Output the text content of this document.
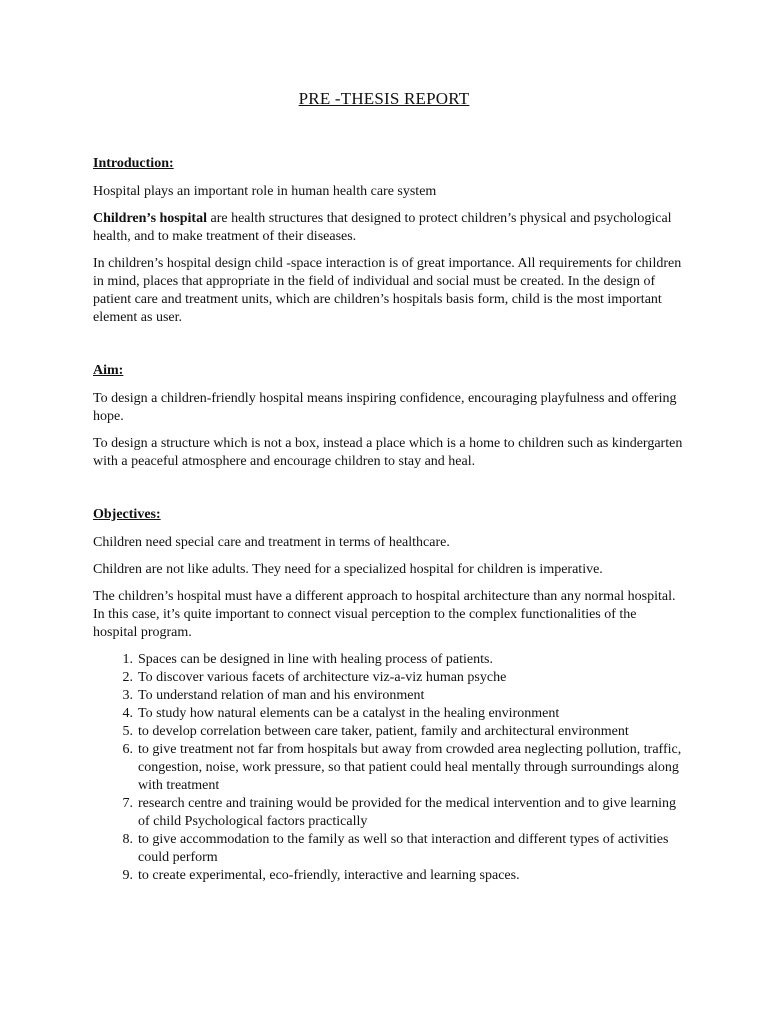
PRE -THESIS REPORT
Introduction:

Hospital plays an important role in human health care system

Children’s hospital are health structures that designed to protect children’s physical and psychological health, and to make treatment of their diseases.

In children’s hospital design child -space interaction is of great importance. All requirements for children in mind, places that appropriate in the field of individual and social must be created. In the design of patient care and treatment units, which are children’s hospitals basis form, child is the most important element as user.

Aim:

To design a children-friendly hospital means inspiring confidence, encouraging playfulness and offering hope.

To design a structure which is not a box, instead a place which is a home to children such as kindergarten with a peaceful atmosphere and encourage children to stay and heal.

Objectives:

Children need special care and treatment in terms of healthcare.

Children are not like adults. They need for a specialized hospital for children is imperative.

The children’s hospital must have a different approach to hospital architecture than any normal hospital. In this case, it’s quite important to connect visual perception to the complex functionalities of the hospital program.

1. Spaces can be designed in line with healing process of patients.
2. To discover various facets of architecture viz-a-viz human psyche
3. To understand relation of man and his environment
4. To study how natural elements can be a catalyst in the healing environment
5. to develop correlation between care taker, patient, family and architectural environment
6. to give treatment not far from hospitals but away from crowded area neglecting pollution, traffic, congestion, noise, work pressure, so that patient could heal mentally through surroundings along with treatment
7. research centre and training would be provided for the medical intervention and to give learning of child Psychological factors practically
8. to give accommodation to the family as well so that interaction and different types of activities could perform
9. to create experimental, eco-friendly, interactive and learning spaces.
